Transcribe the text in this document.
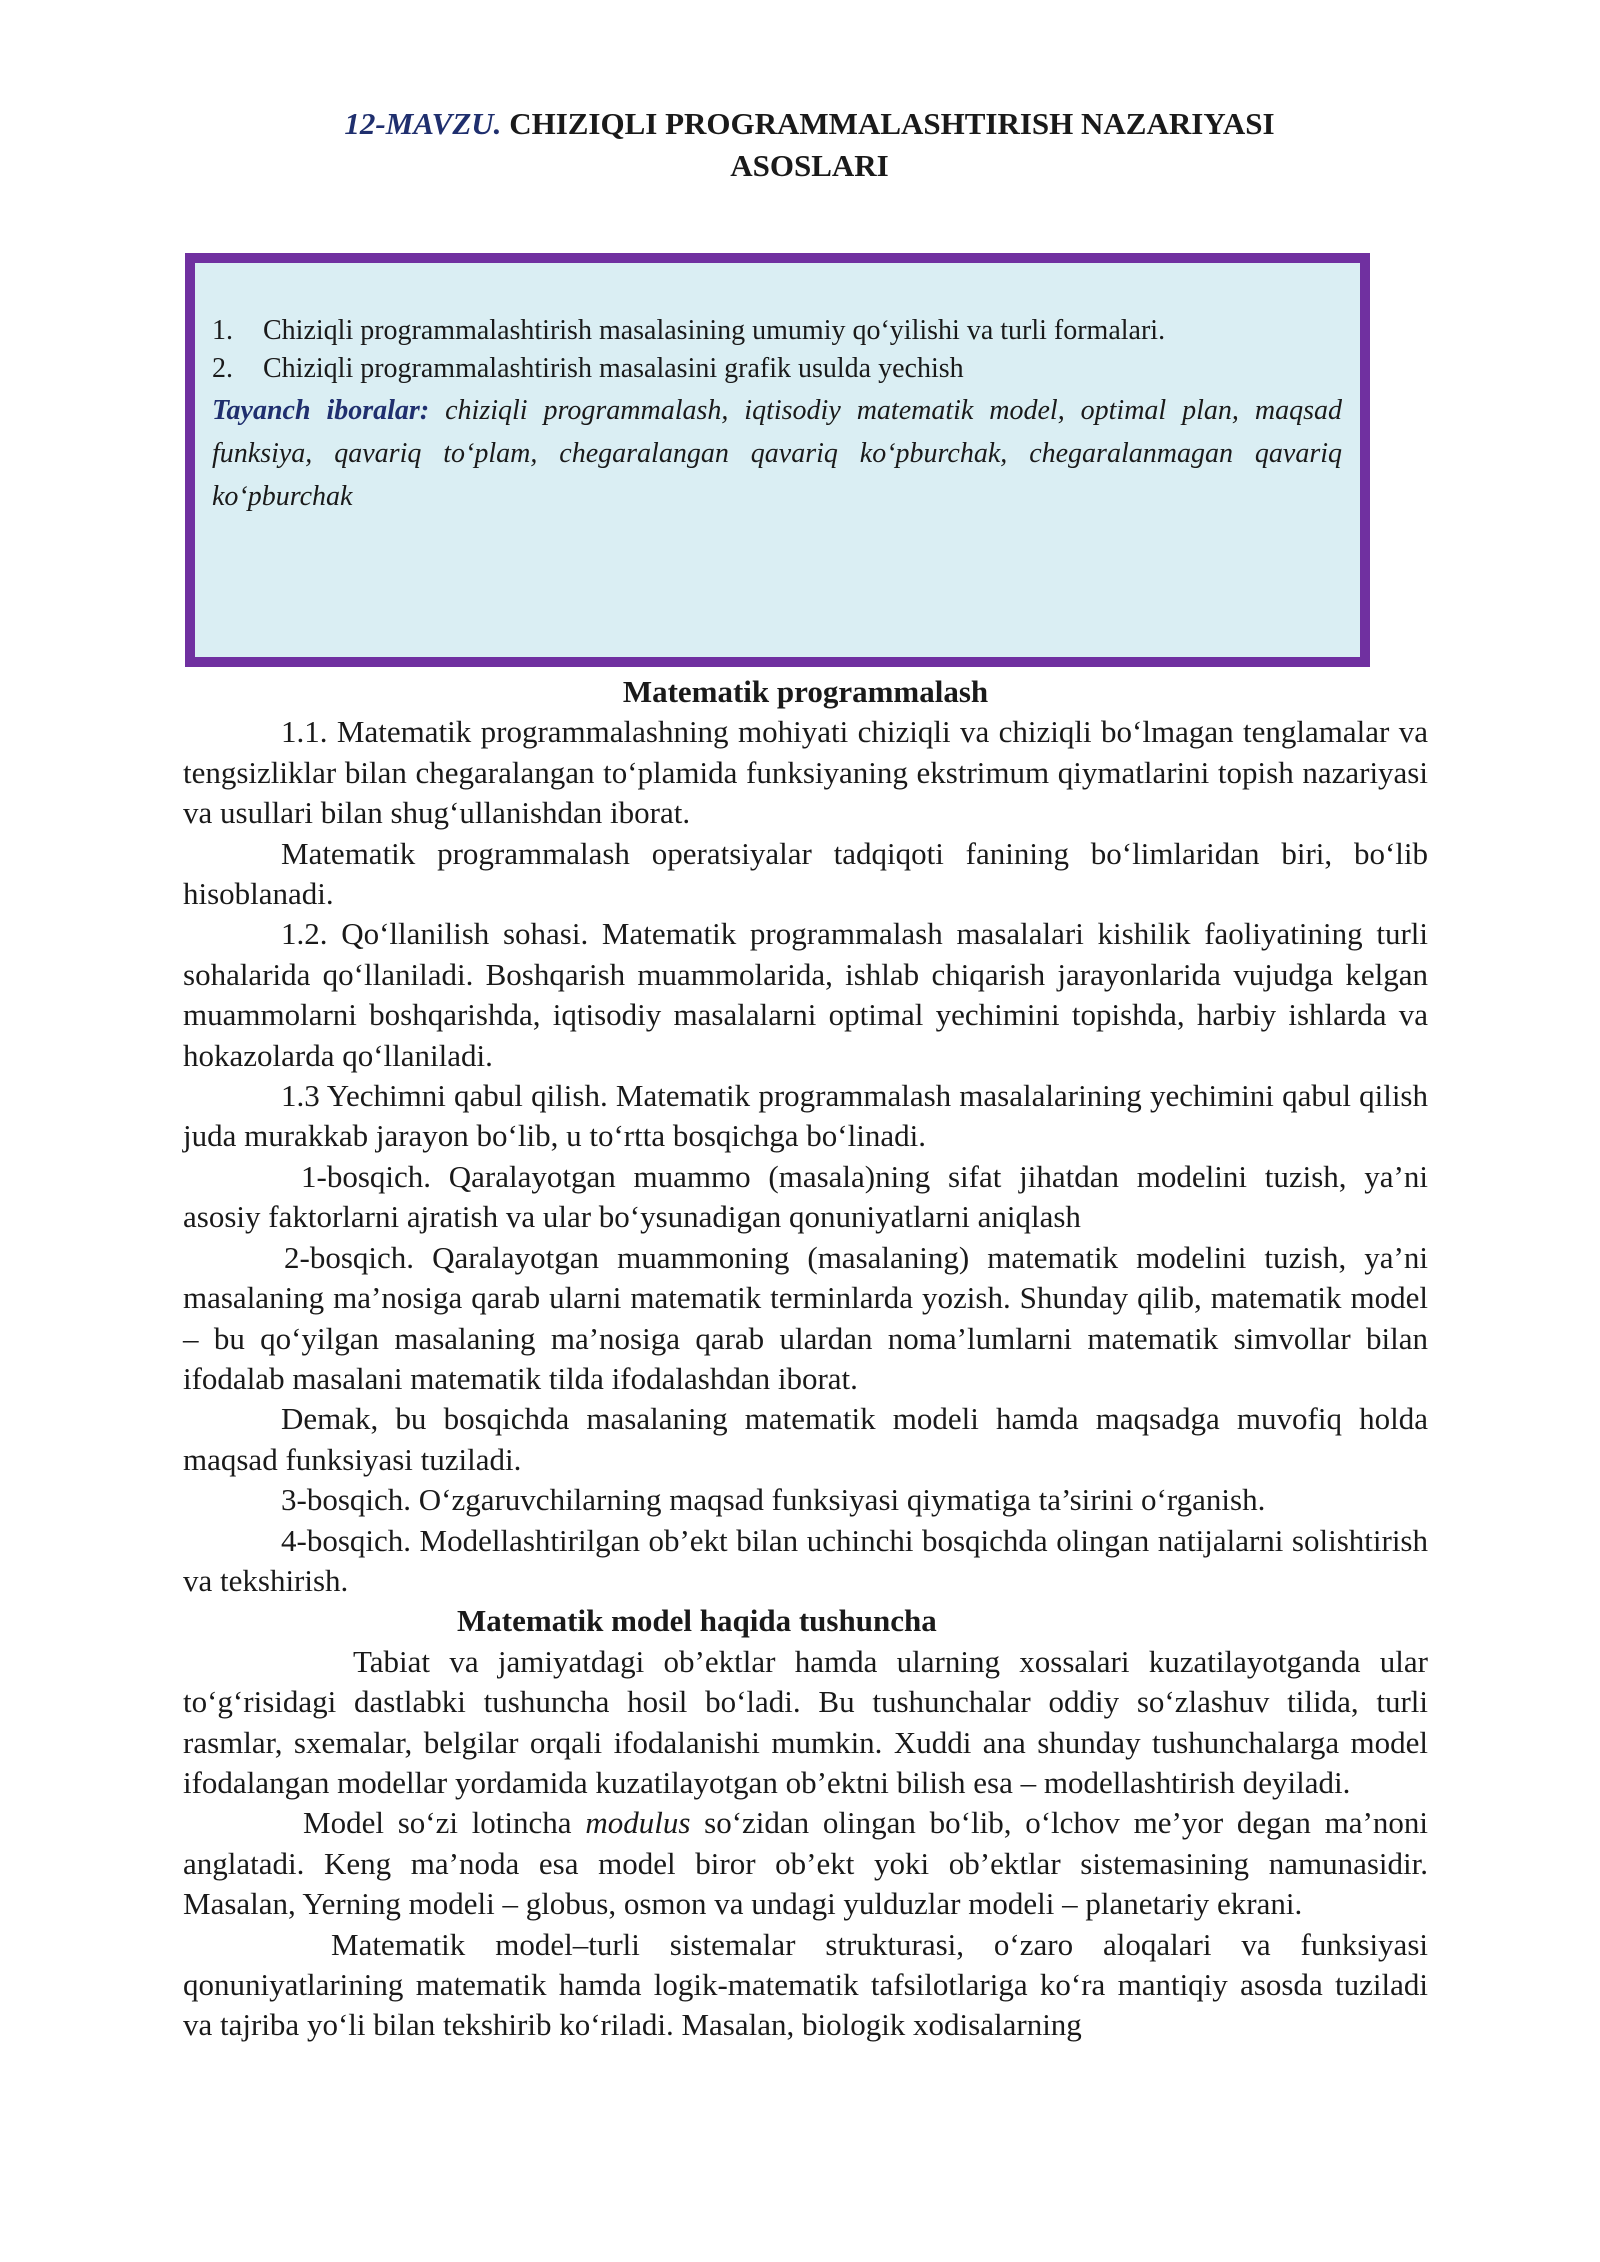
12-MAVZU. CHIZIQLI PROGRAMMALASHTIRISH NAZARIYASI
ASOSLARI
1. Chiziqli programmalashtirish masalasining umumiy qo‘yilishi va turli formalari.
2. Chiziqli programmalashtirish masalasini grafik usulda yechish
Tayanch iboralar: chiziqli programmalash, iqtisodiy matematik model, optimal plan, maqsad funksiya, qavariq to‘plam, chegaralangan qavariq ko‘pburchak, chegaralanmagan qavariq ko‘pburchak
Matematik programmalash

1.1. Matematik programmalashning mohiyati chiziqli va chiziqli bo‘lmagan tenglamalar va tengsizliklar bilan chegaralangan to‘plamida funksiyaning ekstrimum qiymatlarini topish nazariyasi va usullari bilan shug‘ullanishdan iborat.

Matematik programmalash operatsiyalar tadqiqoti fanining bo‘limlaridan biri, bo‘lib hisoblanadi.

1.2. Qo‘llanilish sohasi. Matematik programmalash masalalari kishilik faoliyatining turli sohalarida qo‘llaniladi. Boshqarish muammolarida, ishlab chiqarish jarayonlarida vujudga kelgan muammolarni boshqarishda, iqtisodiy masalalarni optimal yechimini topishda, harbiy ishlarda va hokazolarda qo‘llaniladi.

1.3 Yechimni qabul qilish. Matematik programmalash masalalarining yechimini qabul qilish juda murakkab jarayon bo‘lib, u to‘rtta bosqichga bo‘linadi.

1-bosqich. Qaralayotgan muammo (masala)ning sifat jihatdan modelini tuzish, ya’ni asosiy faktorlarni ajratish va ular bo‘ysunadigan qonuniyatlarni aniqlash

2-bosqich. Qaralayotgan muammoning (masalaning) matematik modelini tuzish, ya’ni masalaning ma’nosiga qarab ularni matematik terminlarda yozish. Shunday qilib, matematik model – bu qo‘yilgan masalaning ma’nosiga qarab ulardan noma’lumlarni matematik simvollar bilan ifodalab masalani matematik tilda ifodalashdan iborat.

Demak, bu bosqichda masalaning matematik modeli hamda maqsadga muvofiq holda maqsad funksiyasi tuziladi.

3-bosqich. O‘zgaruvchilarning maqsad funksiyasi qiymatiga ta’sirini o‘rganish.

4-bosqich. Modellashtirilgan ob’ekt bilan uchinchi bosqichda olingan natijalarni solishtirish va tekshirish.

Matematik model haqida tushuncha

Tabiat va jamiyatdagi ob’ektlar hamda ularning xossalari kuzatilayotganda ular to‘g‘risidagi dastlabki tushuncha hosil bo‘ladi. Bu tushunchalar oddiy so‘zlashuv tilida, turli rasmlar, sxemalar, belgilar orqali ifodalanishi mumkin. Xuddi ana shunday tushunchalarga model ifodalangan modellar yordamida kuzatilayotgan ob’ektni bilish esa – modellashtirish deyiladi.

Model so‘zi lotincha modulus so‘zidan olingan bo‘lib, o‘lchov me’yor degan ma’noni anglatadi. Keng ma’noda esa model biror ob’ekt yoki ob’ektlar sistemasining namunasidir. Masalan, Yerning modeli – globus, osmon va undagi yulduzlar modeli – planetariy ekrani.

Matematik model–turli sistemalar strukturasi, o‘zaro aloqalari va funksiyasi qonuniyatlarining matematik hamda logik-matematik tafsilotlariga ko‘ra mantiqiy asosda tuziladi va tajriba yo‘li bilan tekshirib ko‘riladi. Masalan, biologik xodisalarning
